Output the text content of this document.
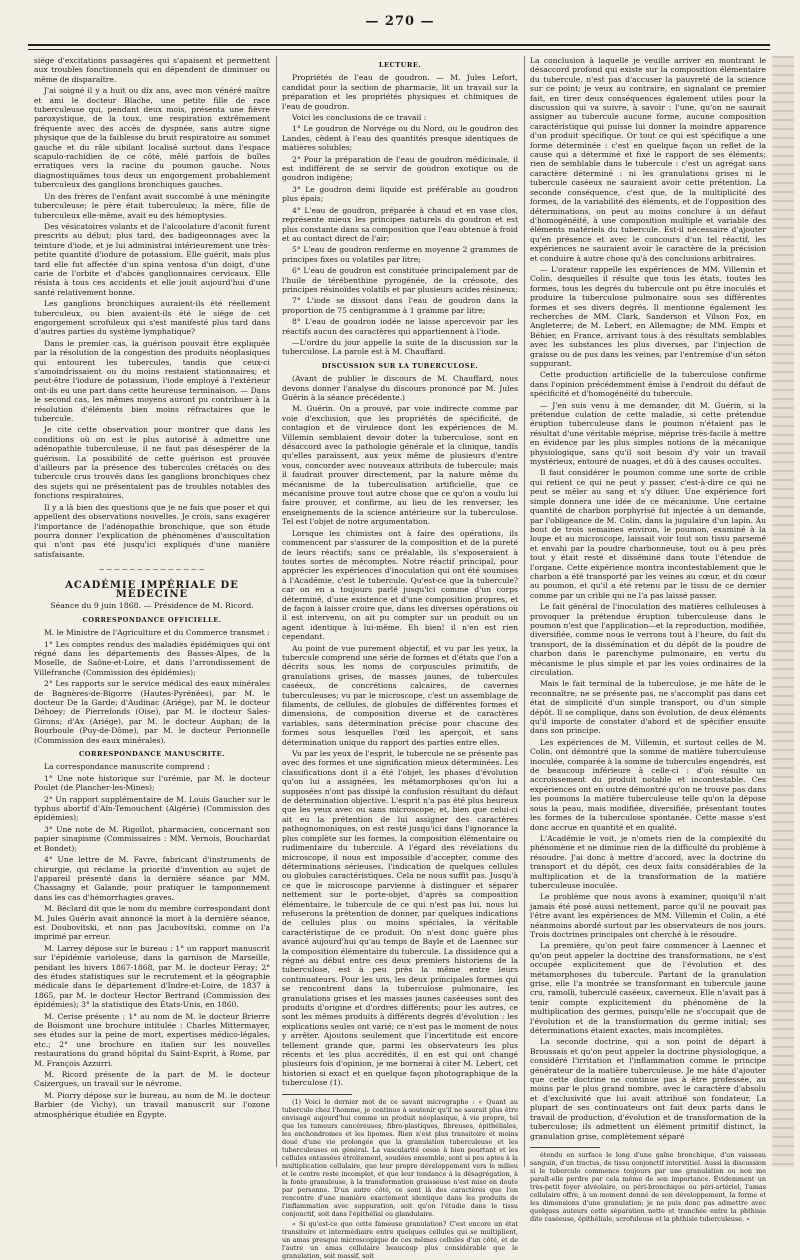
— 270 —

siége d'excitations passagères qui s'apaisent et permettent aux troubles fonctionnels qui en dépendent de diminuer ou même de disparaître.

J'ai soigné il y a huit ou dix ans, avec mon vénéré maître et ami le docteur Blache, une petite fille de race tuberculeuse qui, pendant deux mois, présenta une fièvre paroxystique, de la toux, une respiration extrêmement fréquente avec des accès de dyspnée, sans autre signe physique que de la faiblesse du bruit respiratoire au sommet gauche et du râle sibilant localisé surtout dans l'espace scapulo-rachidien de ce côté, mêlé parfois de bulles erratiques vers la racine du poumon gauche. Nous diagnostiquâmes tous deux un engorgement probablement tuberculeux des ganglions bronchiques gauches.

Un des frères de l'enfant avait succombé à une méningite tuberculeuse; le père était tuberculeux; la mère, fille de tuberculeux elle-même, avait eu des hémoptysies.

Des vésicatoires volants et de l'alcoolature d'aconit furent prescrits au début; plus tard, des badigeonnages avec la teinture d'iode, et je lui administrai intérieurement une très-petite quantité d'iodure de potassium. Elle guérit, mais plus tard elle fut affectée d'un spina ventosa d'un doigt, d'une carie de l'orbite et d'abcès ganglionnaires cervicaux. Elle résista à tous ces accidents et elle jouit aujourd'hui d'une santé relativement bonne.

Les ganglions bronchiques auraient-ils été réellement tuberculeux, ou bien avaient-ils été le siége de cet engorgement scrofuleux qui s'est manifesté plus tard dans d'autres parties du système lymphatique?

Dans le premier cas, la guérison pouvait être expliquée par la résolution de la congestion des produits néoplasiques qui entourent les tubercules, tandis que ceux-ci s'amoindrissaient ou du moins restaient stationnaires; et peut-être l'iodure de potassium, l'iode employé à l'extérieur ont-ils eu une part dans cette heureuse terminaison. — Dans le second cas, les mêmes moyens auront pu contribuer à la résolution d'éléments bien moins réfractaires que le tubercule.

Je cite cette observation pour montrer que dans les conditions où on est le plus autorisé à admettre une adénopathie tuberculeuse, il ne faut pas désespérer de la guérison. La possibilité de cette guérison est prouvée d'ailleurs par la présence des tubercules crétacés ou des tubercule crus trouvés dans les ganglions bronchiques chez des sujets qui ne présentaient pas de troubles notables des fonctions respiratoires.

Il y a là bien des questions que je ne fais que poser et qui appellent des observations nouvelles. Je crois, sans exagérer l'importance de l'adénopathie bronchique, que son étude pourra donner l'explication de phénomènes d'auscultation qui n'ont pas été jusqu'ici expliqués d'une manière satisfaisante.

~~~~~~~~~~~~~~
ACADÉMIE IMPÉRIALE DE MÉDECINE

Séance du 9 juin 1868. — Présidence de M. Ricord.

CORRESPONDANCE OFFICIELLE.

M. le Ministre de l'Agriculture et du Commerce transmet :

1° Les comptes rendus des maladies épidémiques qui ont régné dans les départements des Basses-Alpes, de la Moselle, de Saône-et-Loire, et dans l'arrondissement de Villefranche (Commission des épidémies);

2° Les rapports sur le service médical des eaux minérales de Bagnères-de-Bigorre (Hautes-Pyrénées), par M. le docteur De la Garde; d'Audinac (Ariége), par M. le docteur Déhoey; de Pierrefonds (Oise), par M. le docteur Sales-Girons; d'Ax (Ariége), par M. le docteur Auphan; de la Bourboule (Puy-de-Dôme), par M. le docteur Perionnelle (Commission des eaux minérales).

CORRESPONDANCE MANUSCRITE.

La correspondance manuscrite comprend :

1° Une note historique sur l'urémie, par M. le docteur Poulet (de Plancher-les-Mines);

2° Un rapport supplémentaire de M. Louis Gaucher sur le typhus abortif d'Aïn-Temouchent (Algérie) (Commission des épidémies);

3° Une note de M. Rigollot, pharmacien, concernant son papier sinapisme (Commissaires : MM. Vernois, Bouchardat et Bondet);

4° Une lettre de M. Favre, fabricant d'instruments de chirurgie, qui réclame la priorité d'invention au sujet de l'appareil présenté dans la dernière séance par MM. Chassagny et Galande, pour pratiquer le tamponnement dans les cas d'hémorrhagies graves.

M. Béclard dit que le nom du membre correspondant dont M. Jules Guérin avait annoncé la mort à la dernière séance, est Doubovitski, et non pas Jacubovitski, comme on l'a imprimé par erreur.

M. Larrey dépose sur le bureau : 1° un rapport manuscrit sur l'épidémie varioleuse, dans la garnison de Marseille, pendant les hivers 1867-1868, par M. le docteur Feray; 2° des études statistiques sur le recrutement et la géographie médicale dans le département d'Indre-et-Loire, de 1837 à 1865, par M. le docteur Hector Bertrand (Commission des épidémies); 3° la statistique des États-Unis, en 1860.

M. Cerise présente : 1° au nom de M. le docteur Brierre de Boismont une brochure intitulée : Charles Mittermayer, ses études sur la peine de mort, expertises médico-légales, etc.; 2° une brochure en italien sur les nouvelles restaurations du grand hôpital du Saint-Esprit, à Rome, par M. François Azzurri.

M. Ricord présente de la part de M. le docteur Caizergues, un travail sur le névrome.

M. Piorry dépose sur le bureau, au nom de M. le docteur Barbier (de Vichy), un travail manuscrit sur l'ozone atmosphérique étudiée en Égypte.

LECTURE.

Propriétés de l'eau de goudron. — M. Jules Lefort, candidat pour la section de pharmacie, lit un travail sur la préparation et les propriétés physiques et chimiques de l'eau de goudron.

Voici les conclusions de ce travail :

1° Le goudron de Norvége ou du Nord, ou le goudron des Landes, cèdent à l'eau des quantités presque identiques de matières solubles;

2° Pour la préparation de l'eau de goudron médicinale, il est indifférent de se servir de goudron exotique ou de goudron indigène;

3° Le goudron demi liquide est préférable au goudron plus épais;

4° L'eau de goudron, préparée à chaud et en vase clos, représente mieux les principes naturels du goudron et est plus constante dans sa composition que l'eau obtenue à froid et au contact direct de l'air;

5° L'eau de goudron renferme en moyenne 2 grammes de principes fixes ou volatiles par litre;

6° L'eau de goudron est constituée principalement par de l'huile de térébenthine pyrogénée, de la créosote, des principes résinoïdes volatils et par plusieurs acides résineux;

7° L'iode se dissout dans l'eau de goudron dans la proportion de 75 centigramme à 1 gramme par litre;

8° L'eau de goudron iodée ne laisse apercevoir par les réactifs aucun des caractères qui appartiennent à l'iode.

—L'ordre du jour appelle la suite de la discussion sur la tuberculose. La parole est à M. Chauffard.

DISCUSSION SUR LA TUBERCULOSE.

(Avant de publier le discours de M. Chauffard, nous devons donner l'analyse du discours prononcé par M. Jules Guérin à la séance précédente.)

M. Guérin. On a prouvé, par voie indirecte comme par voie d'exclusion, que les propriétés de spécificité, de contagion et de virulence dont les expériences de M. Villemin semblaient devoir doter la tuberculose, sont en désaccord avec la pathologie générale et la clinique, tandis qu'elles paraissent, aux yeux même de plusieurs d'entre vous, concorder avec nouveaux attributs de tubercule; mais il faudrait prouver directement, par la nature même du mécanisme de la tuberculisation artificielle, que ce mécanisme prouve tout autre chose que ce qu'on a voulu lui faire prouver, et confirme, au lieu de les renverser, les enseignements de la science antérieure sur la tuberculose. Tel est l'objet de notre argumentation.

Lorsque les chimistes ont à faire des opérations, ils commencent par s'assurer de la composition et de la pureté de leurs réactifs; sans ce préalable, ils s'exposeraient à toutes sortes de mécomptes. Notre réactif principal, pour apprécier les expériences d'inoculation qui ont été soumises à l'Académie, c'est le tubercule. Qu'est-ce que la tubercule? car on en a toujours parlé jusqu'ici comme d'un corps déterminé, d'une existence et d'une composition propres, et de façon à laisser croire que, dans les diverses opérations où il est intervenu, on ait pu compter sur un produit ou un agent identique à lui-même. Eh bien! il n'en est rien cependant.

Au point de vue purement objectif, et vu par les yeux, la tubercule comprend une série de formes et d'états que l'on a décrits sous les noms de corpuscules primitifs, de granulations grises, de masses jaunes, de tubercules caséeux, de concrétions calcaires, de cavernes tuberculeuses; vu par le microscope, c'est un assemblage de filaments, de cellules, de globules de différentes formes et dimensions, de composition diverse et de caractères variables, sans détermination précise pour chacune des formes sous lesquelles l'œil les aperçoit, et sans détermination unique du rapport des parties entre elles.

Vu par les yeux de l'esprit, le tubercule ne se présente pas avec des formes et une signification mieux déterminées. Les classifications dont il a été l'objet, les phases d'évolution qu'on lui a assignées, les métamorphoses qu'on lui a supposées n'ont pas dissipé la confusion résultant du défaut de détermination objective. L'esprit n'a pas été plus heureux que les yeux avec ou sans microscope; et, bien que celui-ci ait eu la prétention de lui assigner des caractères pathognomoniques, on est resté jusqu'ici dans l'ignorance la plus complète sur les formes, la composition élémentaire ou rudimentaire du tubercule. A l'égard des révélations du microscope, il nous est impossible d'accepter, comme des déterminations sérieuses, l'indication de quelques cellules ou globules caractéristiques. Cela ne nous suffit pas. Jusqu'à ce que le microscope parvienne à distinguer et séparer nettement sur le porte-objet, d'après sa composition élémentaire, le tubercule de ce qui n'est pas lui, nous lui refuserons la prétention de donner, par quelques indications de cellules plus ou moins spéciales, la véritable caractéristique de ce produit. On n'est donc guère plus avancé aujourd'hui qu'au temps de Bayle et de Laennec sur la composition élémentaire du tubercule. La dissidence qui a régné au début entre ces deux premiers historiens de la tuberculose, est à peu près la même entre leurs continuateurs. Pour les uns, les deux principales formes qui se rencontrent dans la tuberculose pulmonaire, les granulations grises et les masses jaunes caséeuses sont des produits d'origine et d'ordres différents; pour les autres, ce sont les mêmes produits à différents degrés d'évolution : les explications seules ont varié; ce n'est pas le moment de nous y arrêter. Ajoutons seulement que l'incertitude est encore tellement grande que, parmi les observateurs les plus récents et les plus accrédités, il en est qui ont changé plusieurs fois d'opinion, je me bornerai à citer M. Lebert, cet historien si exact et en quelque façon photographique de la tuberculose (1).

(1) Voici le dernier mot de ce savant micrographe : « Quant au tubercule chez l'homme, je continue à soutenir qu'il ne saurait plus être envisagé aujourd'hui comme un produit néoplasique, à vie propre, tel que les tumeurs cancéreuses, fibro-plastiques, fibreuses, épithéliales, les enchondromes et les lipomes. Rien n'est plus transitoire et moins doué d'une vie prolongée que la granulation tuberculeuse et les tuberculeuses en général. La vascularité cesse à bien pourtant et les cellules entassées étroitement, soudées ensemble, sont si peu aptes à la multiplication cellulaire, que leur propre développement vers le milieu et le centre reste incomplet, et que leur tendance à la désagrégation, à la fonte granuleuse, à la transformation graisseuse n'est mise en doute par personne. D'un autre côté, ce sont là des caractères que l'on rencontre d'une manière exactement identique dans les produits de l'inflammation avec suppuration, soit qu'on l'étudie dans le tissu conjonctif, soit dans l'épithélial ou glandulaire.

« Si qu'est-ce que cette fameuse granulation? C'est encore un état transitoire et intermédiaire entre quelques cellules qui se multiplient, un amas presque microscopique de ces mêmes cellules d'un côté, et de l'autre un amas cellulaire beaucoup plus considérable que le granulation, soit massif, soit

La conclusion à laquelle je veuille arriver en montrant le désaccord profond qui existe sur la composition élémentaire du tubercule, n'est pas d'accuser la pauvreté de la science sur ce point; je veux au contraire, en signalant ce premier fait, en tirer deux conséquences également utiles pour la discussion qui va suivre, à savoir : l'une, qu'on ne saurait assigner au tubercule aucune forme, aucune composition caractéristique qui puisse lui donner la moindre apparence d'un produit spécifique. Or tout ce qui est spécifique a une forme déterminée : c'est en quelque façon un reflet de la cause qui a déterminé et fixé le rapport de ses éléments; rien de semblable dans le tubercule : c'est un agrégat sans caractère déterminé : ni les granulations grises ni le tubercule caséeux ne sauraient avoir cette prétention. La seconde conséquence, c'est que, de la multiplicité des formes, de la variabilité des éléments, et de l'opposition des déterminations, on peut au moins conclure à un défaut d'homogénéité, à une composition multiple et variable des éléments matériels du tubercule. Est-il nécessaire d'ajouter qu'en présence et avec le concours d'un tel réactif, les expériences ne sauraient avoir le caractère de la précision et conduire à autre chose qu'à des conclusions arbitraires.

— L'orateur rappelle les expériences de MM. Villemin et Colin, desquelles il résulte que tous les états, toutes les formes, tous les degrés du tubercule ont pu être inoculés et produire la tuberculose pulmonaire sous ses différentes formes et ses divers degrés. Il mentionne également les recherches de MM. Clark, Sanderson et Vilson Fox, en Angleterre; de M. Lebert, en Allemagne; de MM. Empis et Béhier, en France, arrivant tous à des résultats semblables avec les substances les plus diverses, par l'injection de graisse ou de pus dans les veines, par l'entremise d'un séton suppurant.

Cette production artificielle de la tuberculose confirme dans l'opinion précédemment émise à l'endroit du défaut de spécificité et d'homogénéité du tubercule.

— J'en suis venu à me demander, dit M. Guérin, si la prétendue culation de cette maladie, si cette prétendue éruption tuberculeuse dans le poumon n'étaient pas le résultat d'une véritable méprise, méprise très-facile à mettre en évidence par les plus simples notions de la mécanique physiologique, sans qu'il soit besoin d'y voir un travail mystérieux, entouré de nuages, et dû à des causes occultes.

Il faut considérer le poumon comme une sorte de crible qui retient ce qui ne peut y passer, c'est-à-dire ce qui ne peut se mêler au sang et s'y diluer. Une expérience fort simple donnera une idée de ce mécanisme. Une certaine quantité de charbon porphyrisé fut injectée à un demande, par l'obligeance de M. Colin, dans la jugulaire d'un lapin. Au bout de trois semaines environ, le poumon, examiné à la loupe et au microscope, laissait voir tout son tissu parsemé et envahi par la poudre charbonneuse, tout ou à peu près tout y était resté et disséminé dans toute l'étendue de l'organe. Cette expérience montra incontestablement que le charbon a été transporté par les veines au cœur, et du cœur au poumon, et qu'il a été retenu par le tissu de ce dernier comme par un crible qui ne l'a pas laissé passer.

Le fait général de l'inoculation des matières celluleuses à provoquer la prétendue éruption tuberculeuse dans le poumon n'est que l'application—et la reproduction, modifiée, diversifiée, comme nous le verrons tout à l'heure, du fait du transport, de la dissémination et du dépôt de la poudre de charbon dans le parenchyme pulmonaire, en vertu du mécanisme le plus simple et par les voies ordinaires de la circulation.

Mais le fait terminal de la tuberculose, je me hâte de le reconnaître, ne se présente pas, ne s'accomplit pas dans cet état de simplicité d'un simple transport, ou d'un simple dépôt. Il se complique, dans son évolution, de deux éléments qu'il importe de constater d'abord et de spécifier ensuite dans son principe.

Les expériences de M. Villemin, et surtout celles de M. Colin, ont démontré que la somme de matière tuberculeuse inoculée, comparée à la somme de tubercules engendrés, est de beaucoup inférieure à celle-ci : d'où résulte un accroissement du produit notable et incontestable. Ces expériences ont en outre démontré qu'on ne trouve pas dans les poumons la matière tuberculeuse telle qu'on la dépose sous la peau, mais modifiée, diversifiée, présentant toutes les formes de la tuberculose spontanée. Cette masse s'est donc accrue en quantité et en qualité.

L'Académie le voit, je n'omets rien de la complexité du phénomène et ne diminue rien de la difficulté du problème à résoudre. J'ai donc à mettre d'accord, avec la doctrine du transport et du dépôt, ces deux faits considérables de la multiplication et de la transformation de la matière tuberculeuse inoculée.

Le problème que nous avons à examiner, quoiqu'il n'ait jamais été posé aussi nettement, parce qu'il ne pouvait pas l'être avant les expériences de MM. Villemin et Colin, a été néanmoins abordé surtout par les observateurs de nos jours. Trois doctrines principales ont cherché à le résoudre.

La première, qu'on peut faire commencer à Laennec et qu'on peut appeler la doctrine des transformations, ne s'est occupée explicitement que de l'évolution et des métamorphoses du tubercule. Partant de la granulation grise, elle l'a montrée se transformant en tubercule jaune cru, ramolli, tuberculé caséeux, caverneux. Elle n'avait pas à tenir compte explicitement du phénomène de la multiplication des germes, puisqu'elle ne s'occupait que de l'évolution et de la transformation du germe initial; ses déterminations étaient exactes, mais incomplètes.

La seconde doctrine, qui a son point de départ à Broussais et qu'on peut appeler la doctrine physiologique, a considéré l'irritation et l'inflammation comme le principe générateur de la matière tuberculeuse. Je me hâte d'ajouter que cette doctrine ne continue pas à être professée, au moins par le plus grand nombre, avec le caractère d'absolu et d'exclusivité que lui avait attribué son fondateur. La plupart de ses continuateurs ont fait deux parts dans le travail de production, d'évolution et de transformation de la tuberculose; ils admettent un élément primitif distinct, la granulation grise, complètement séparé

étendu en surface le long d'une gaîne bronchique, d'un vaisseau sanguin, d'un tractus, de tissu conjonctif interstitiel. Aussi la discussion si le tubercule commence toujours par une granulation ou non me paraît-elle perdre par cela même de son importance. Évidemment un très-petit foyer alvéolaire, ou péri-bronchique ou péri-artériel, l'amas cellulaire offre, à un moment donné de son développement, la forme et les dimensions d'une granulation; je ne puis donc pas admettre avec quelques auteurs cette séparation nette et tranchée entre la phthisie dite caséeuse, épithéliale, scrofuleuse et la phthisie tuberculeuse. »
